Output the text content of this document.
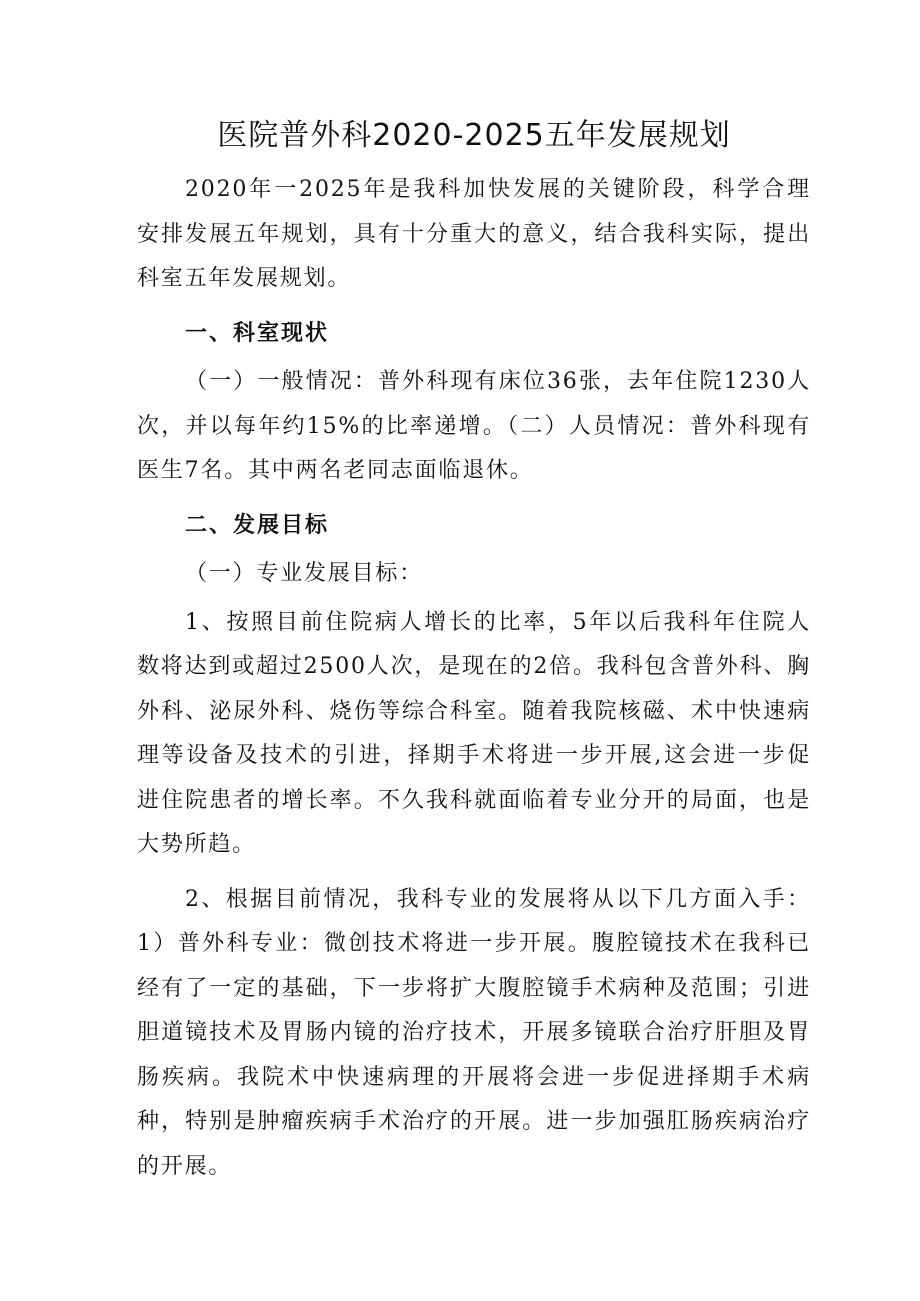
医院普外科2020-2025五年发展规划

2020年一2025年是我科加快发展的关键阶段，科学合理安排发展五年规划，具有十分重大的意义，结合我科实际，提出科室五年发展规划。

一、科室现状

（一）一般情况：普外科现有床位36张，去年住院1230人次，并以每年约15%的比率递增。（二）人员情况：普外科现有医生7名。其中两名老同志面临退休。

二、发展目标

（一）专业发展目标：

1、按照目前住院病人增长的比率，5年以后我科年住院人数将达到或超过2500人次，是现在的2倍。我科包含普外科、胸外科、泌尿外科、烧伤等综合科室。随着我院核磁、术中快速病理等设备及技术的引进，择期手术将进一步开展,这会进一步促进住院患者的增长率。不久我科就面临着专业分开的局面，也是大势所趋。

2、根据目前情况，我科专业的发展将从以下几方面入手：1）普外科专业：微创技术将进一步开展。腹腔镜技术在我科已经有了一定的基础，下一步将扩大腹腔镜手术病种及范围；引进胆道镜技术及胃肠内镜的治疗技术，开展多镜联合治疗肝胆及胃肠疾病。我院术中快速病理的开展将会进一步促进择期手术病种，特别是肿瘤疾病手术治疗的开展。进一步加强肛肠疾病治疗的开展。
